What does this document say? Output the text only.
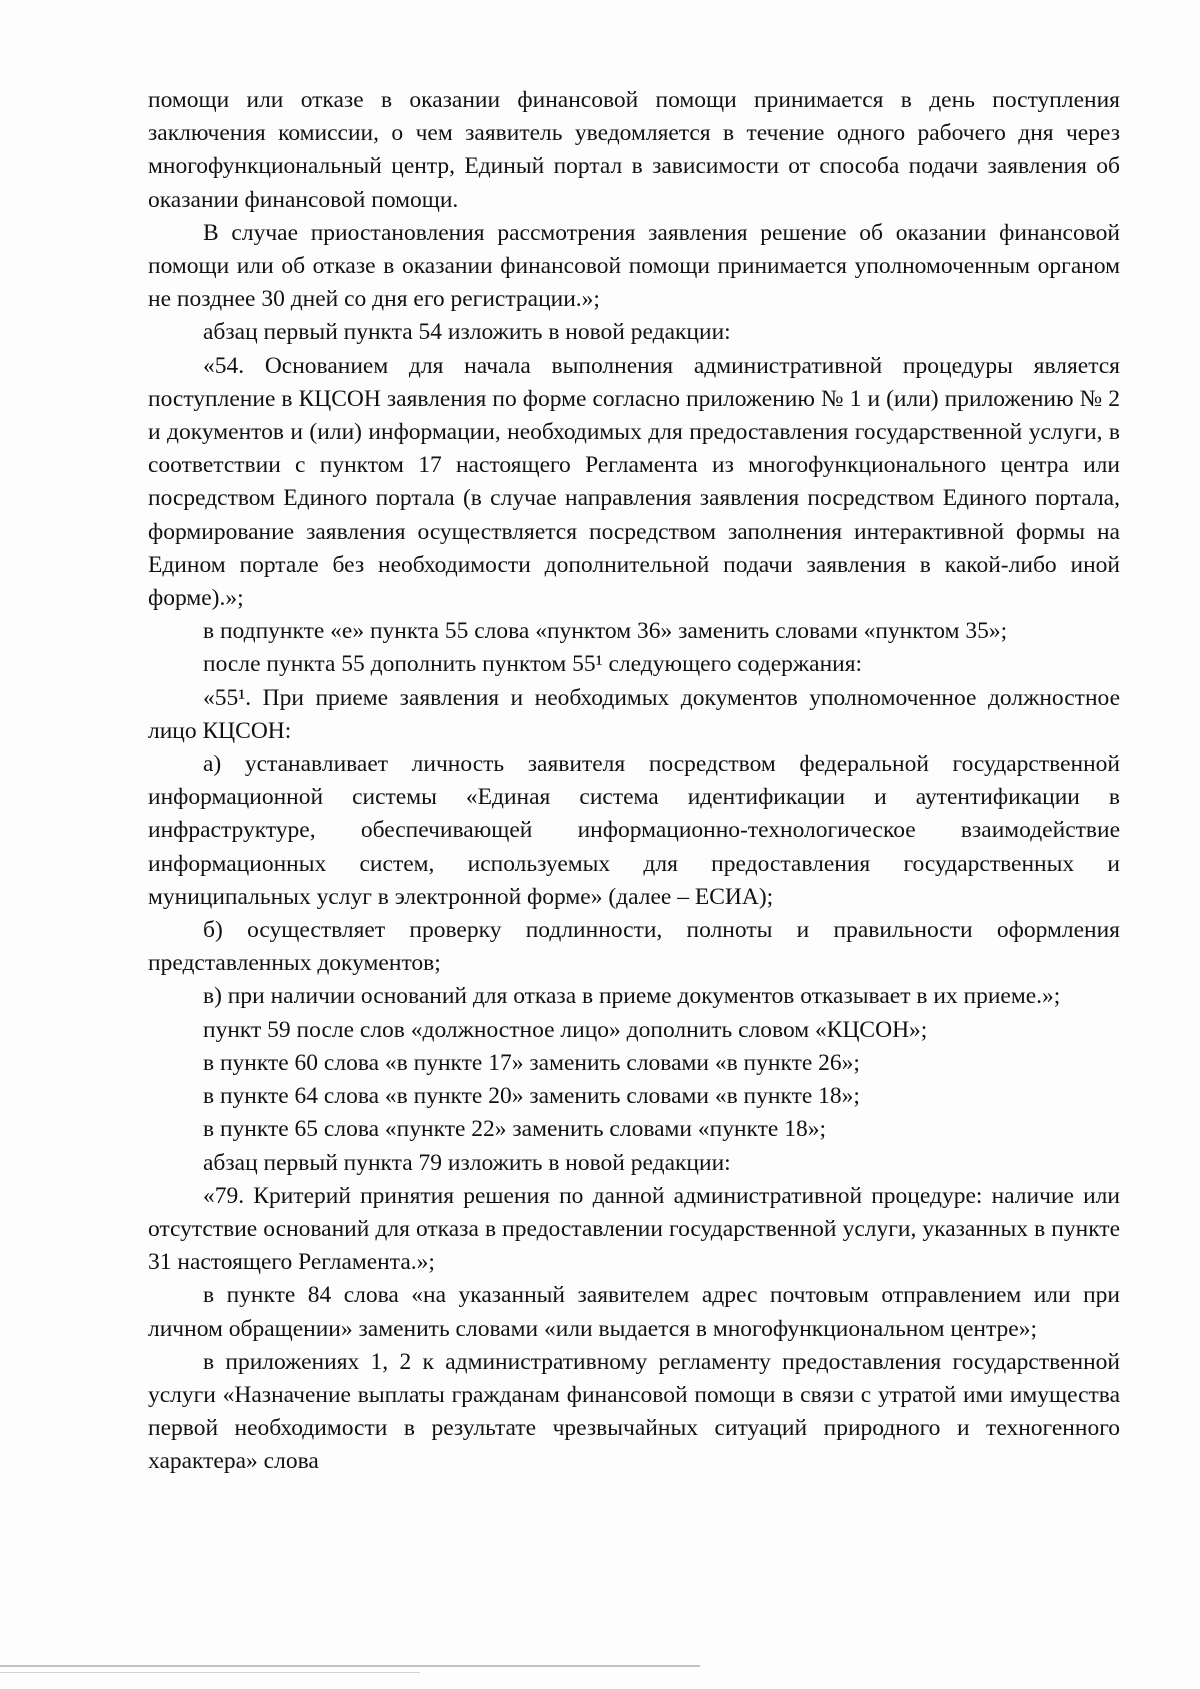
помощи или отказе в оказании финансовой помощи принимается в день поступления заключения комиссии, о чем заявитель уведомляется в течение одного рабочего дня через многофункциональный центр, Единый портал в зависимости от способа подачи заявления об оказании финансовой помощи.

В случае приостановления рассмотрения заявления решение об оказании финансовой помощи или об отказе в оказании финансовой помощи принимается уполномоченным органом не позднее 30 дней со дня его регистрации.»;

абзац первый пункта 54 изложить в новой редакции:

«54. Основанием для начала выполнения административной процедуры является поступление в КЦСОН заявления по форме согласно приложению № 1 и (или) приложению № 2 и документов и (или) информации, необходимых для предоставления государственной услуги, в соответствии с пунктом 17 настоящего Регламента из многофункционального центра или посредством Единого портала (в случае направления заявления посредством Единого портала, формирование заявления осуществляется посредством заполнения интерактивной формы на Едином портале без необходимости дополнительной подачи заявления в какой-либо иной форме).»;

в подпункте «е» пункта 55 слова «пунктом 36» заменить словами «пунктом 35»;

после пункта 55 дополнить пунктом 55¹ следующего содержания:

«55¹. При приеме заявления и необходимых документов уполномоченное должностное лицо КЦСОН:

а) устанавливает личность заявителя посредством федеральной государственной информационной системы «Единая система идентификации и аутентификации в инфраструктуре, обеспечивающей информационно-технологическое взаимодействие информационных систем, используемых для предоставления государственных и муниципальных услуг в электронной форме» (далее – ЕСИА);

б) осуществляет проверку подлинности, полноты и правильности оформления представленных документов;

в) при наличии оснований для отказа в приеме документов отказывает в их приеме.»;

пункт 59 после слов «должностное лицо» дополнить словом «КЦСОН»;

в пункте 60 слова «в пункте 17» заменить словами «в пункте 26»;

в пункте 64 слова «в пункте 20» заменить словами «в пункте 18»;

в пункте 65 слова «пункте 22» заменить словами «пункте 18»;

абзац первый пункта 79 изложить в новой редакции:

«79. Критерий принятия решения по данной административной процедуре: наличие или отсутствие оснований для отказа в предоставлении государственной услуги, указанных в пункте 31 настоящего Регламента.»;

в пункте 84 слова «на указанный заявителем адрес почтовым отправлением или при личном обращении» заменить словами «или выдается в многофункциональном центре»;

в приложениях 1, 2 к административному регламенту предоставления государственной услуги «Назначение выплаты гражданам финансовой помощи в связи с утратой ими имущества первой необходимости в результате чрезвычайных ситуаций природного и техногенного характера» слова
